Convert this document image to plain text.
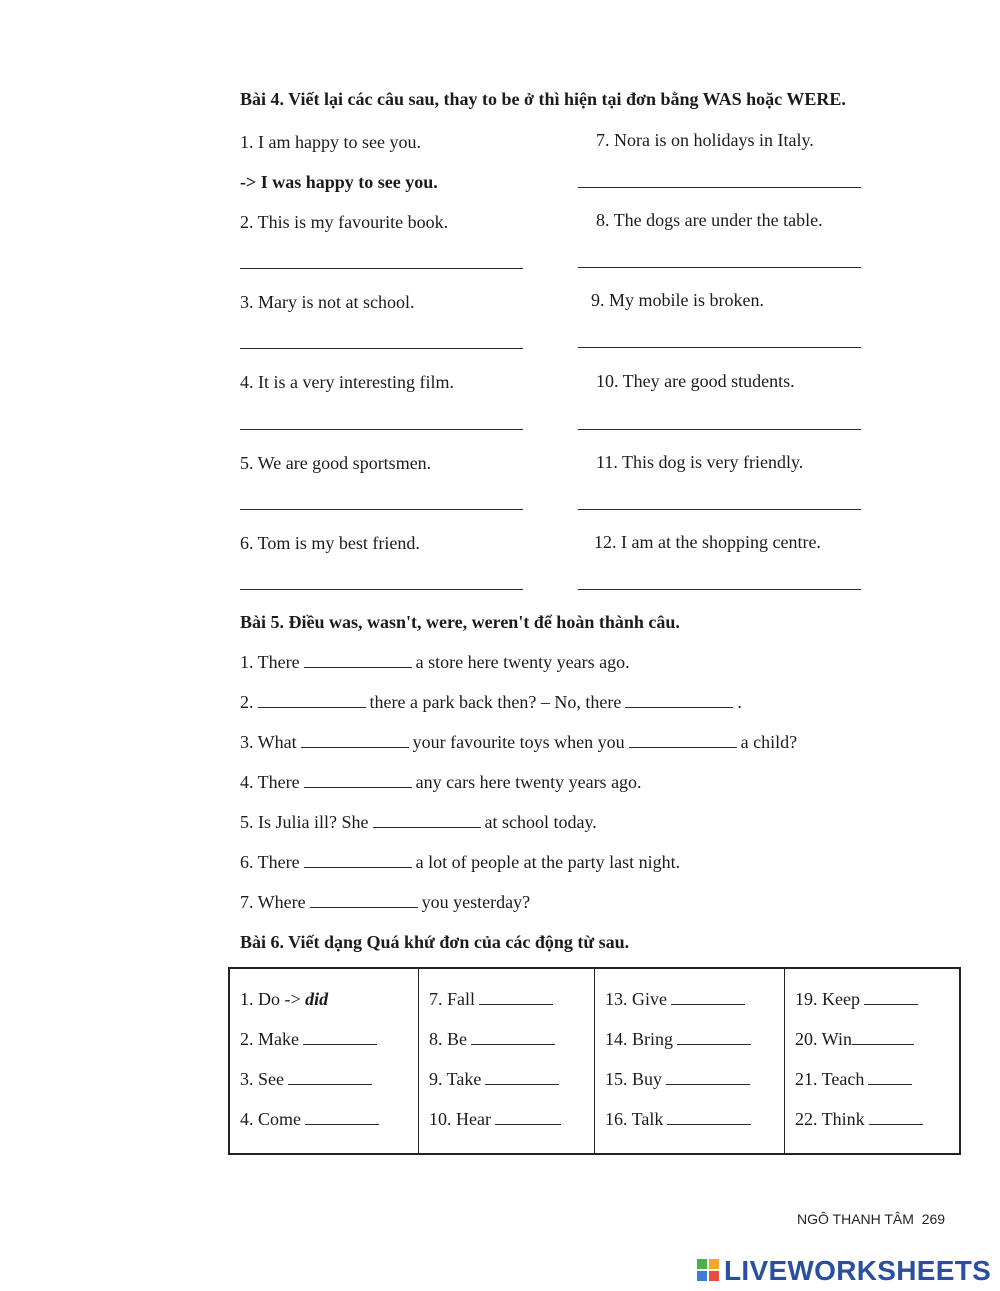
Bài 4. Viết lại các câu sau, thay to be ở thì hiện tại đơn bằng WAS hoặc WERE.
1. I am happy to see you.
-> I was happy to see you.
2. This is my favourite book.
3. Mary is not at school.
4. It is a very interesting film.
5. We are good sportsmen.
6. Tom is my best friend.
7. Nora is on holidays in Italy.
8. The dogs are under the table.
9. My mobile is broken.
10. They are good students.
11. This dog is very friendly.
12. I am at the shopping centre.
Bài 5. Điều was, wasn't, were, weren't để hoàn thành câu.
1. There	a store here twenty years ago.
2.	there a park back then? – No, there	.
3. What	your favourite toys when you	a child?
4. There	any cars here twenty years ago.
5. Is Julia ill? She	at school today.
6. There	a lot of people at the party last night.
7. Where	you yesterday?
Bài 6. Viết dạng Quá khứ đơn của các động từ sau.
1. Do -> did
2. Make
3. See
4. Come
7. Fall
8. Be
9. Take
10. Hear
13. Give
14. Bring
15. Buy
16. Talk
19. Keep
20. Win
21. Teach
22. Think
NGÔ THANH TÂM 269
LIVEWORKSHEETS
